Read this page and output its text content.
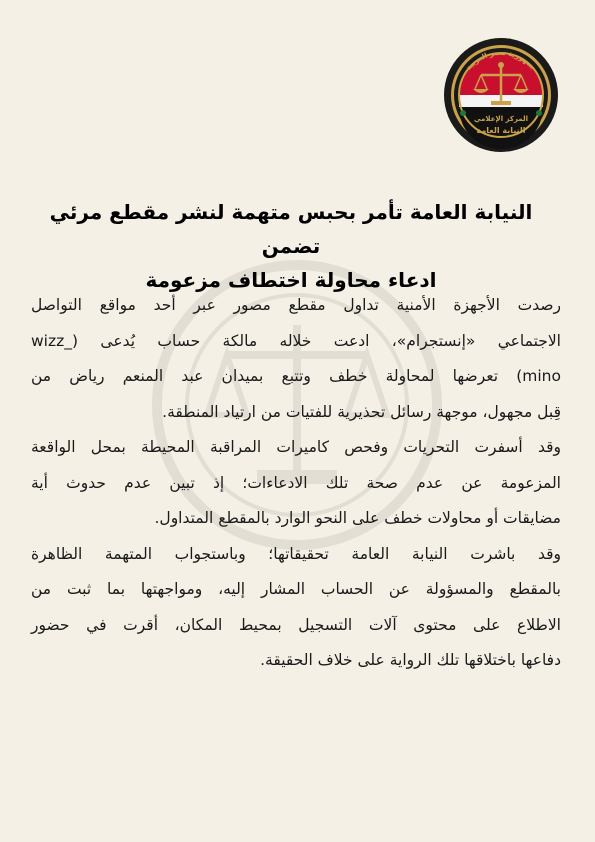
جمهورية مصر العربية
المركز الإعلامي
النيابة العامة
النيابة العامة تأمر بحبس متهمة لنشر مقطع مرئي تضمن
ادعاء محاولة اختطاف مزعومة
رصدت الأجهزة الأمنية تداول مقطع مصور عبر أحد مواقع التواصل
الاجتماعي «إنستجرام»، ادعت خلاله مالكة حساب يُدعى (_wizz
mino) تعرضها لمحاولة خطف وتتبع بميدان عبد المنعم رياض من
قِبل مجهول، موجهة رسائل تحذيرية للفتيات من ارتياد المنطقة.
وقد أسفرت التحريات وفحص كاميرات المراقبة المحيطة بمحل الواقعة
المزعومة عن عدم صحة تلك الادعاءات؛ إذ تبين عدم حدوث أية
مضايقات أو محاولات خطف على النحو الوارد بالمقطع المتداول.
وقد باشرت النيابة العامة تحقيقاتها؛ وباستجواب المتهمة الظاهرة
بالمقطع والمسؤولة عن الحساب المشار إليه، ومواجهتها بما ثبت من
الاطلاع على محتوى آلات التسجيل بمحيط المكان، أقرت في حضور
دفاعها باختلاقها تلك الرواية على خلاف الحقيقة.
